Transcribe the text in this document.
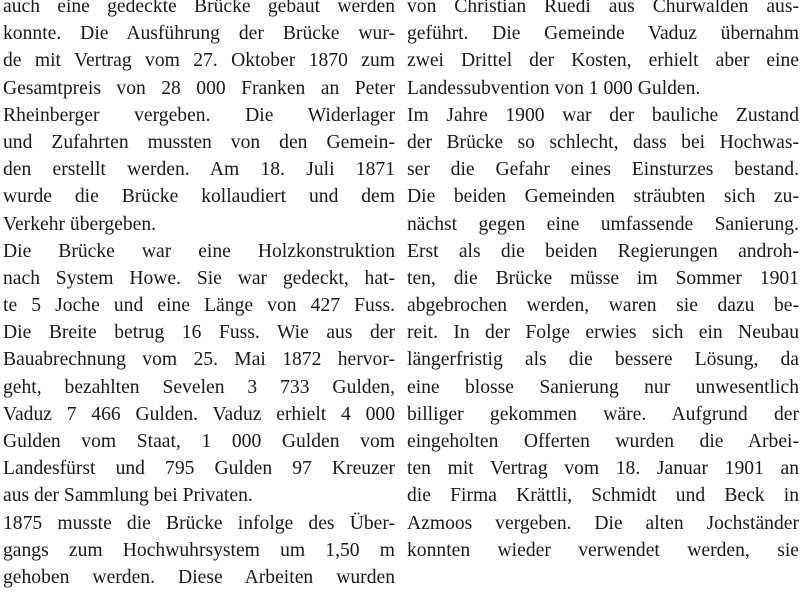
auch eine gedeckte Brücke gebaut werden
konnte. Die Ausführung der Brücke wur-
de mit Vertrag vom 27. Oktober 1870 zum
Gesamtpreis von 28 000 Franken an Peter
Rheinberger vergeben. Die Widerlager
und Zufahrten mussten von den Gemein-
den erstellt werden. Am 18. Juli 1871
wurde die Brücke kollaudiert und dem
Verkehr übergeben.
Die Brücke war eine Holzkonstruktion
nach System Howe. Sie war gedeckt, hat-
te 5 Joche und eine Länge von 427 Fuss.
Die Breite betrug 16 Fuss. Wie aus der
Bauabrechnung vom 25. Mai 1872 hervor-
geht, bezahlten Sevelen 3 733 Gulden,
Vaduz 7 466 Gulden. Vaduz erhielt 4 000
Gulden vom Staat, 1 000 Gulden vom
Landesfürst und 795 Gulden 97 Kreuzer
aus der Sammlung bei Privaten.
1875 musste die Brücke infolge des Über-
gangs zum Hochwuhrsystem um 1,50 m
gehoben werden. Diese Arbeiten wurden
von Christian Ruedi aus Churwalden aus-
geführt. Die Gemeinde Vaduz übernahm
zwei Drittel der Kosten, erhielt aber eine
Landessubvention von 1 000 Gulden.
Im Jahre 1900 war der bauliche Zustand
der Brücke so schlecht, dass bei Hochwas-
ser die Gefahr eines Einsturzes bestand.
Die beiden Gemeinden sträubten sich zu-
nächst gegen eine umfassende Sanierung.
Erst als die beiden Regierungen androh-
ten, die Brücke müsse im Sommer 1901
abgebrochen werden, waren sie dazu be-
reit. In der Folge erwies sich ein Neubau
längerfristig als die bessere Lösung, da
eine blosse Sanierung nur unwesentlich
billiger gekommen wäre. Aufgrund der
eingeholten Offerten wurden die Arbei-
ten mit Vertrag vom 18. Januar 1901 an
die Firma Krättli, Schmidt und Beck in
Azmoos vergeben. Die alten Jochständer
konnten wieder verwendet werden, sie
